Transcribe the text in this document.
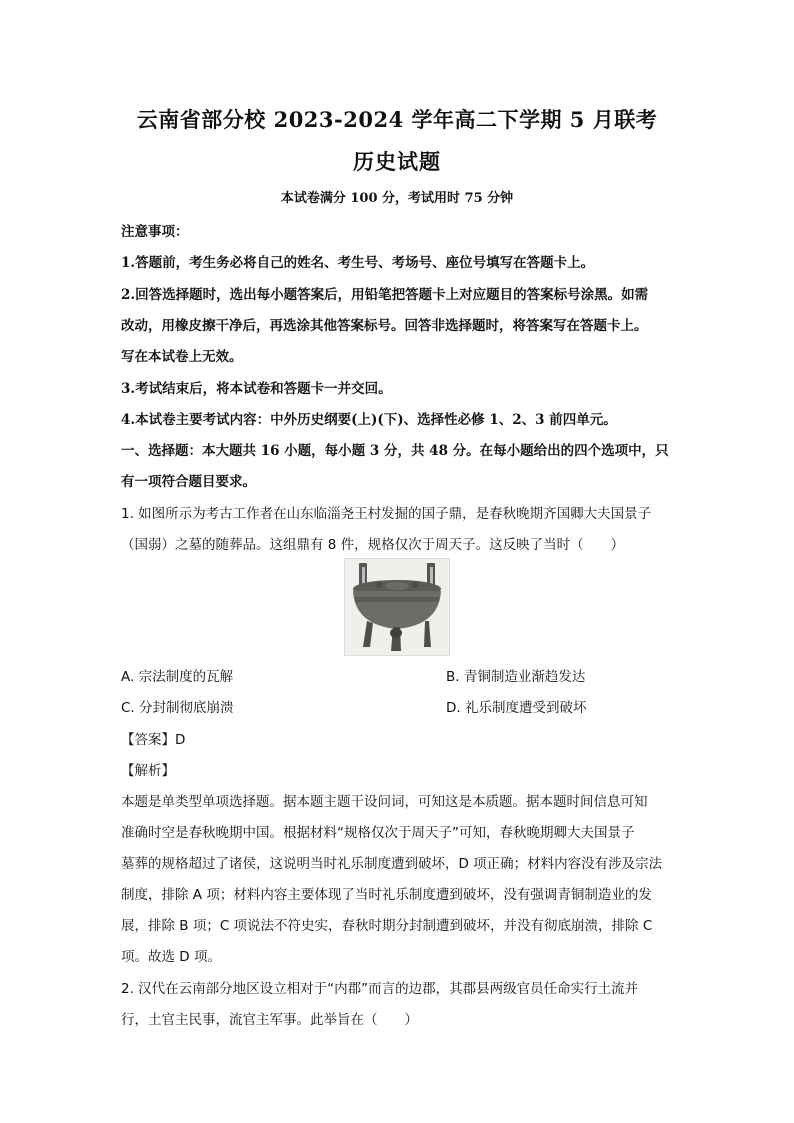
云南省部分校 2023-2024 学年高二下学期 5 月联考
历史试题
本试卷满分 100 分，考试用时 75 分钟
注意事项：
1.答题前，考生务必将自己的姓名、考生号、考场号、座位号填写在答题卡上。
2.回答选择题时，选出每小题答案后，用铅笔把答题卡上对应题目的答案标号涂黑。如需
改动，用橡皮擦干净后，再选涂其他答案标号。回答非选择题时，将答案写在答题卡上。
写在本试卷上无效。
3.考试结束后，将本试卷和答题卡一并交回。
4.本试卷主要考试内容：中外历史纲要(上)(下)、选择性必修 1、2、3 前四单元。
一、选择题：本大题共 16 小题，每小题 3 分，共 48 分。在每小题给出的四个选项中，只
有一项符合题目要求。
1. 如图所示为考古工作者在山东临淄尧王村发掘的国子鼎，是春秋晚期齐国卿大夫国景子
（国弱）之墓的随葬品。这组鼎有 8 件，规格仅次于周天子。这反映了当时（　　）
A. 宗法制度的瓦解	B. 青铜制造业渐趋发达
C. 分封制彻底崩溃	D. 礼乐制度遭受到破坏
【答案】D
【解析】
本题是单类型单项选择题。据本题主题干设问词，可知这是本质题。据本题时间信息可知
准确时空是春秋晚期中国。根据材料“规格仅次于周天子”可知，春秋晚期卿大夫国景子
墓葬的规格超过了诸侯，这说明当时礼乐制度遭到破坏，D 项正确；材料内容没有涉及宗法
制度，排除 A 项；材料内容主要体现了当时礼乐制度遭到破坏，没有强调青铜制造业的发
展，排除 B 项；C 项说法不符史实，春秋时期分封制遭到破坏，并没有彻底崩溃，排除 C
项。故选 D 项。
2. 汉代在云南部分地区设立相对于“内郡”而言的边郡，其郡县两级官员任命实行土流并
行，土官主民事，流官主军事。此举旨在（　　）
